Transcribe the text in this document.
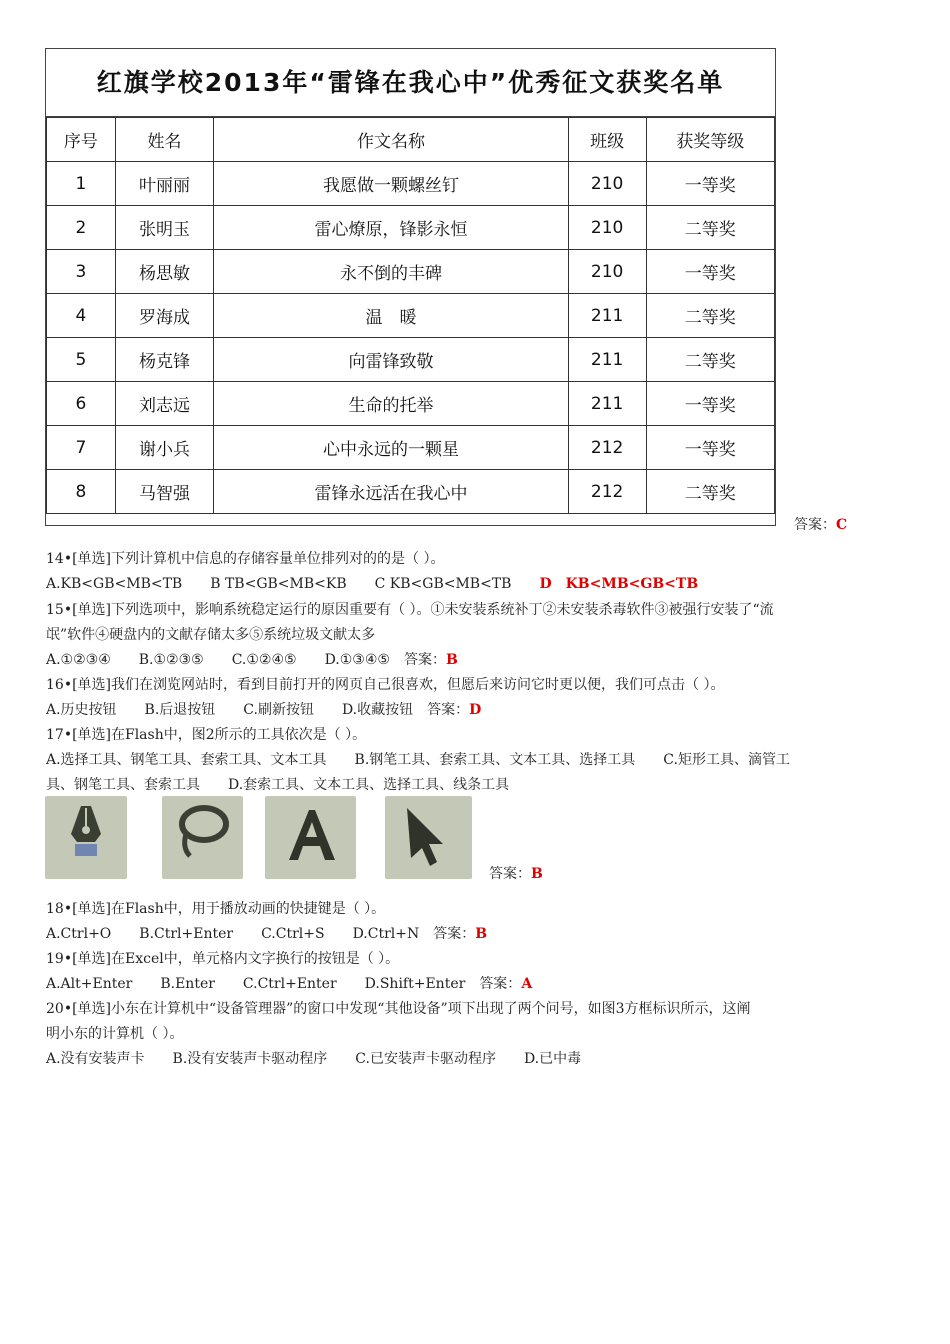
红旗学校2013年“雷锋在我心中”优秀征文获奖名单
序号	姓名	作文名称	班级	获奖等级
1	叶丽丽	我愿做一颗螺丝钉	210	一等奖
2	张明玉	雷心燎原，锋影永恒	210	二等奖
3	杨思敏	永不倒的丰碑	210	一等奖
4	罗海成	温　暖	211	二等奖
5	杨克锋	向雷锋致敬	211	二等奖
6	刘志远	生命的托举	211	一等奖
7	谢小兵	心中永远的一颗星	212	一等奖
8	马智强	雷锋永远活在我心中	212	二等奖
答案：C
14•[单选]下列计算机中信息的存储容量单位排列对的的是（ ）。
A.KB<GB<MB<TB　　B TB<GB<MB<KB　　C KB<GB<MB<TB　　D　KB<MB<GB<TB
15•[单选]下列选项中，影响系统稳定运行的原因重要有（ ）。①未安装系统补丁②未安装杀毒软件③被强行安装了“流
氓”软件④硬盘内的文献存储太多⑤系统垃圾文献太多
A.①②③④　　B.①②③⑤　　C.①②④⑤　　D.①③④⑤　答案：B
16•[单选]我们在浏览网站时，看到目前打开的网页自己很喜欢，但愿后来访问它时更以便，我们可点击（ ）。
A.历史按钮　　B.后退按钮　　C.刷新按钮　　D.收藏按钮　答案：D
17•[单选]在Flash中，图2所示的工具依次是（ ）。
A.选择工具、钢笔工具、套索工具、文本工具　　B.钢笔工具、套索工具、文本工具、选择工具　　C.矩形工具、滴管工
具、钢笔工具、套索工具　　D.套索工具、文本工具、选择工具、线条工具
答案：B
18•[单选]在Flash中，用于播放动画的快捷键是（ ）。
A.Ctrl+O　　B.Ctrl+Enter　　C.Ctrl+S　　D.Ctrl+N　答案：B
19•[单选]在Excel中，单元格内文字换行的按钮是（ ）。
A.Alt+Enter　　B.Enter　　C.Ctrl+Enter　　D.Shift+Enter　答案：A
20•[单选]小东在计算机中“设备管理器”的窗口中发现“其他设备”项下出现了两个问号，如图3方框标识所示，这阐
明小东的计算机（ ）。
A.没有安装声卡　　B.没有安装声卡驱动程序　　C.已安装声卡驱动程序　　D.已中毒
